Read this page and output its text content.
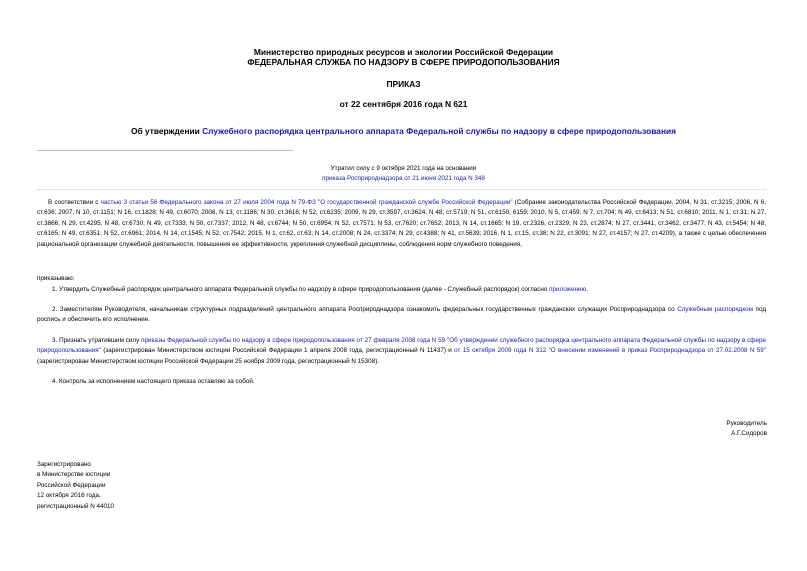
Министерство природных ресурсов и экологии Российской Федерации
ФЕДЕРАЛЬНАЯ СЛУЖБА ПО НАДЗОРУ В СФЕРЕ ПРИРОДОПОЛЬЗОВАНИЯ
ПРИКАЗ
от 22 сентября 2016 года N 621
Об утверждении Служебного распорядка центрального аппарата Федеральной службы по надзору в сфере природопользования
Утратил силу с 9 октября 2021 года на основании
приказа Росприроднадзора от 21 июня 2021 года N 348
В соответствии с частью 3 статьи 56 Федерального закона от 27 июля 2004 года N 79-ФЗ "О государственной гражданской службе Российской Федерации" (Собрание законодательства Российской Федерации, 2004, N 31, ст.3215; 2006, N 6, ст.636; 2007, N 10, ст.1151; N 16, ст.1828; N 49, ст.6070; 2008, N 13, ст.1186; N 30, ст.3616; N 52, ст.6235; 2009, N 29, ст.3597, ст.3624; N 48, ст.5719; N 51, ст.6150, 6159; 2010, N 5, ст.459; N 7, ст.704; N 49, ст.6413; N 51, ст.6810; 2011, N 1, ст.31; N 27, ст.3866; N 29, ст.4295; N 48, ст.6730; N 49, ст.7333; N 50, ст.7337; 2012, N 48, ст.6744; N 50, ст.6954; N 52, ст.7571; N 53, ст.7620; ст.7652; 2013, N 14, ст.1665; N 19, ст.2326, ст.2329; N 23, ст.2874; N 27, ст.3441, ст.3462, ст.3477; N 43, ст.5454; N 48, ст.6165; N 49, ст.6351; N 52, ст.6961; 2014, N 14, ст.1545; N 52, ст.7542; 2015, N 1, ст.62, ст.63; N 14, ст.2008; N 24, ст.3374; N 29, ст.4388; N 41, ст.5639; 2016, N 1, ст.15, ст.38; N 22, ст.3091; N 27, ст.4157; N 27, ст.4209), а также с целью обеспечения рациональной организации служебной деятельности, повышения ее эффективности, укрепления служебной дисциплины, соблюдения норм служебного поведения,
приказываю:
1. Утвердить Служебный распорядок центрального аппарата Федеральной службы по надзору в сфере природопользования (далее - Служебный распорядок) согласно приложению.
2. Заместителям Руководителя, начальникам структурных подразделений центрального аппарата Росприроднадзора ознакомить федеральных государственных гражданских служащих Росприроднадзора со Служебным распорядком под роспись и обеспечить его исполнение.
3. Признать утратившим силу приказы Федеральной службы по надзору в сфере природопользования от 27 февраля 2008 года N 59 "Об утверждении служебного распорядка центрального аппарата Федеральной службы по надзору в сфере природопользования" (зарегистрирован Министерством юстиции Российской Федерации 1 апреля 2008 года, регистрационный N 11437) и от 15 октября 2009 года N 312 "О внесении изменений в приказ Росприроднадзора от 27.02.2008 N 59" (зарегистрирован Министерством юстиции Российской Федерации 25 ноября 2009 года, регистрационный N 15308).
4. Контроль за исполнением настоящего приказа оставляю за собой.
Руководитель
А.Г.Сидоров
Зарегистрировано
в Министерстве юстиции
Российской Федерации
12 октября 2016 года,
регистрационный N 44010
